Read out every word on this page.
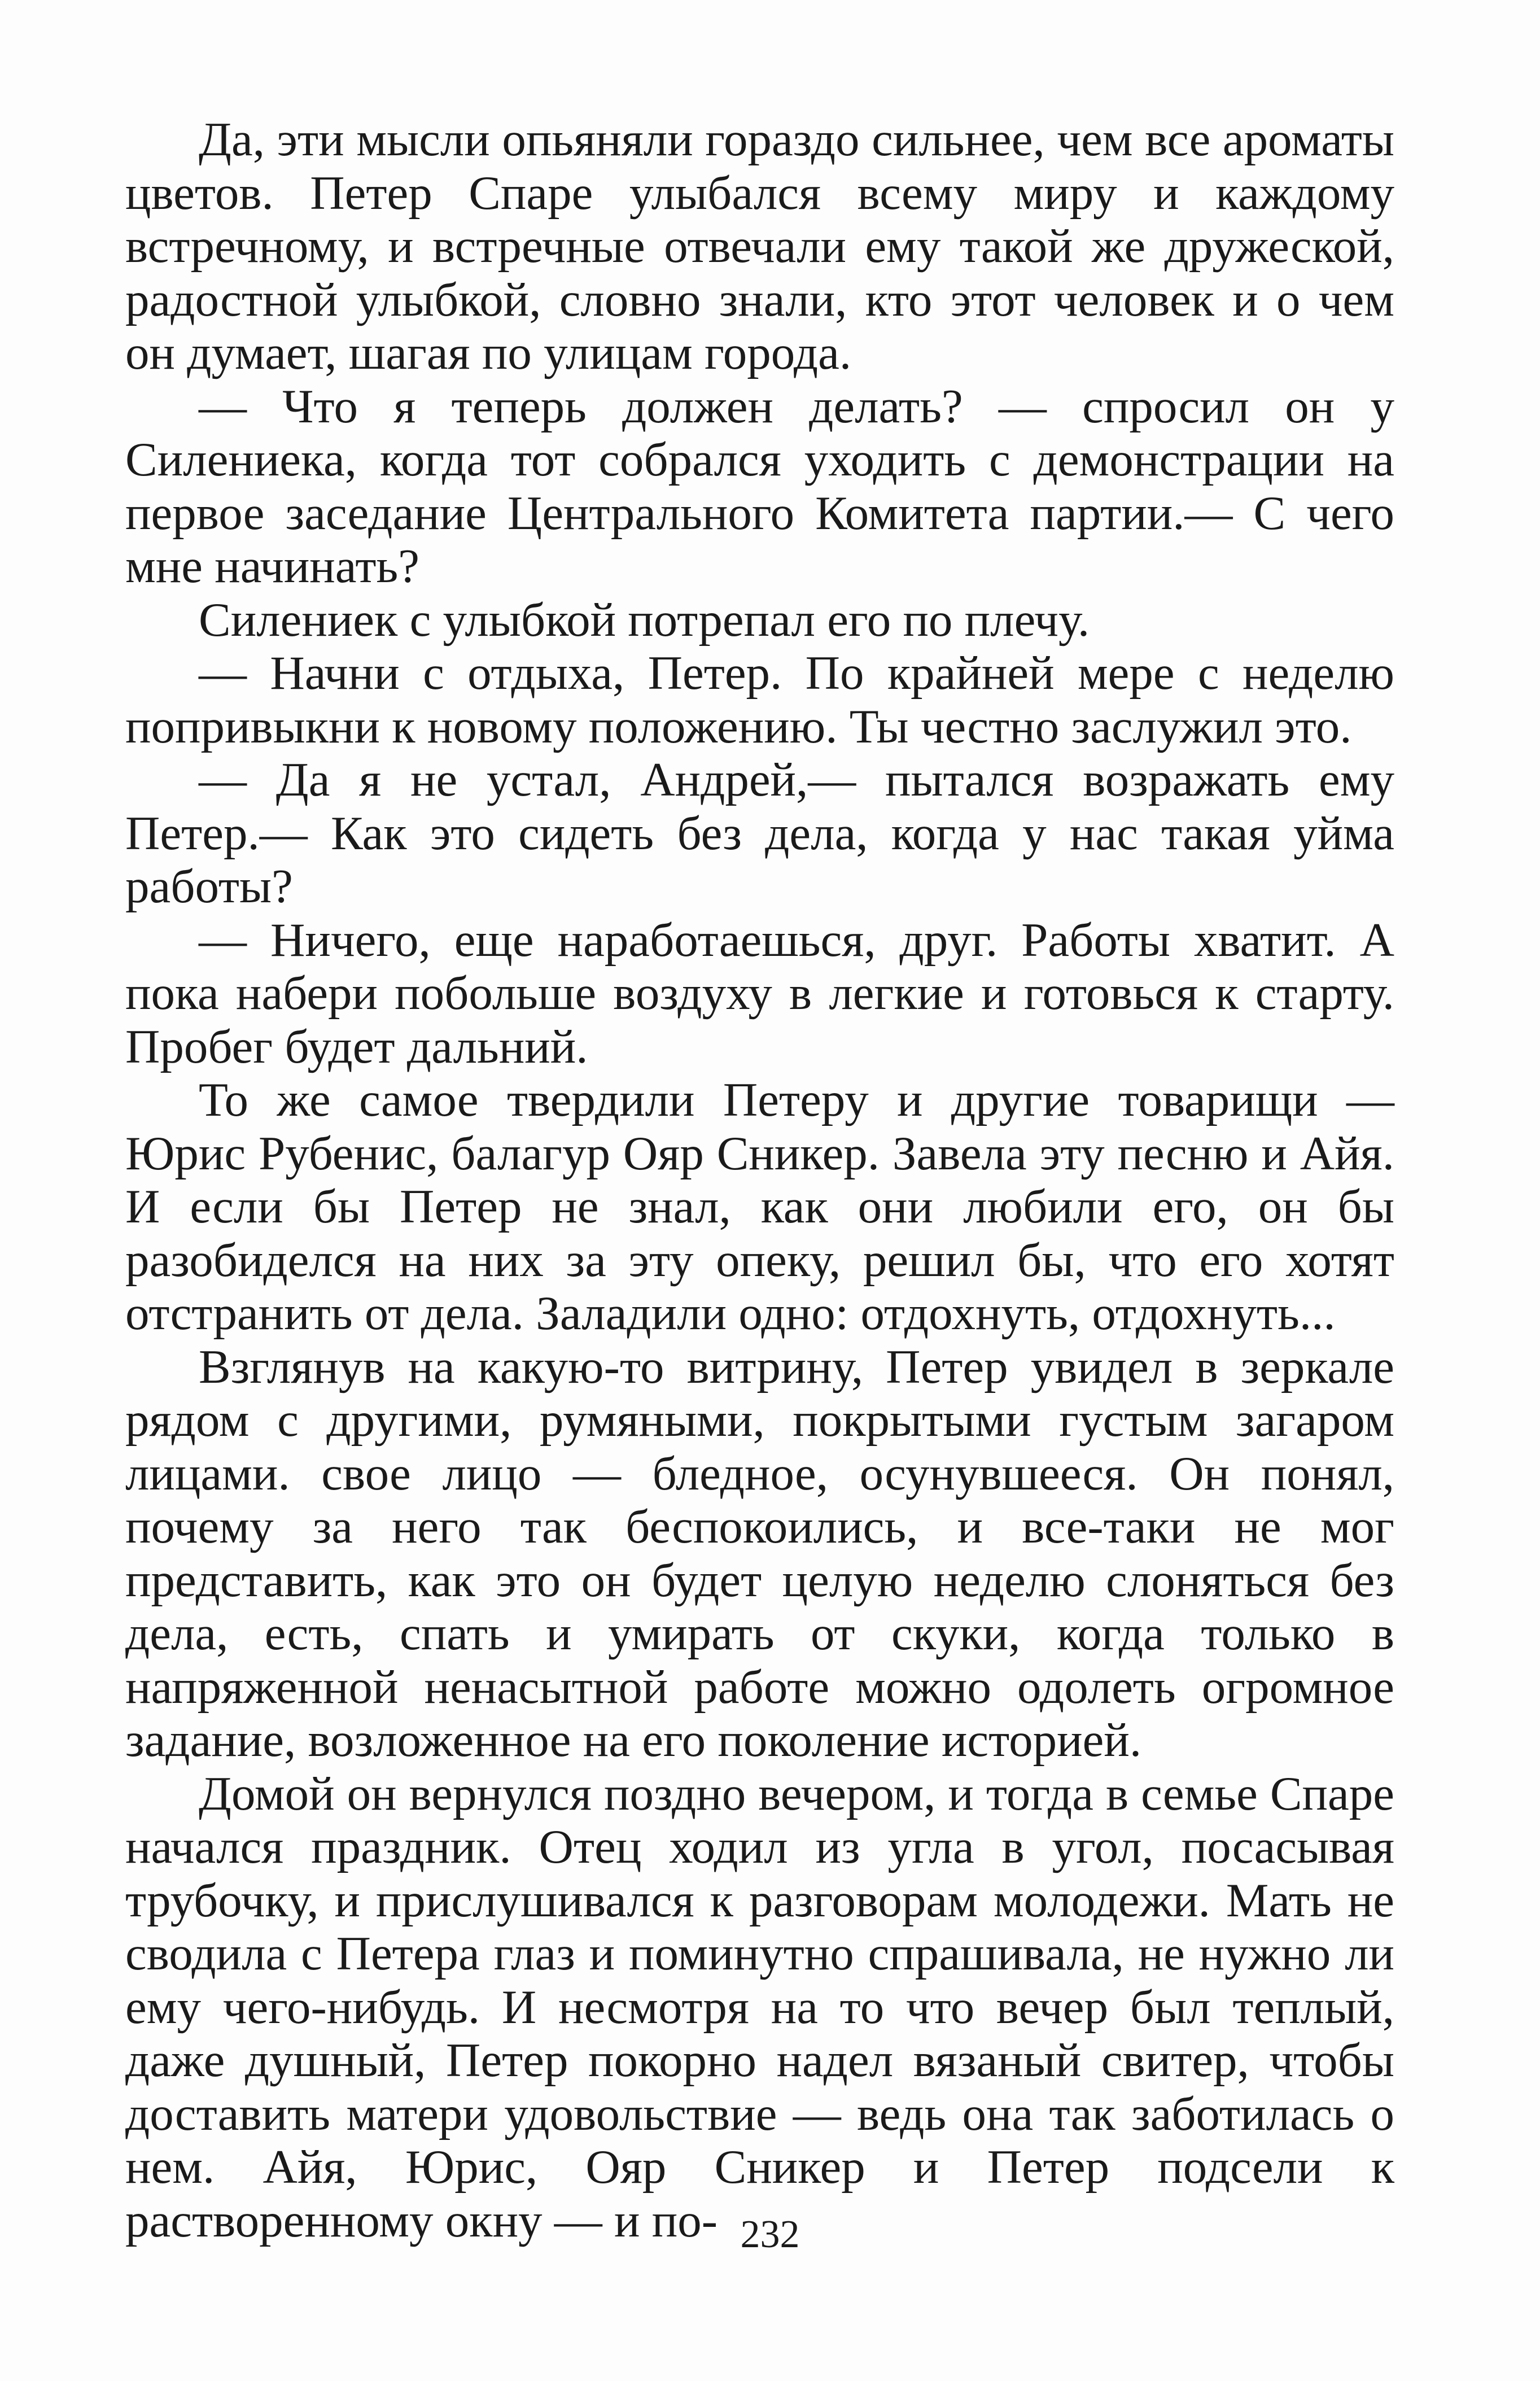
Да, эти мысли опьяняли гораздо сильнее, чем все ароматы цветов. Петер Спаре улыбался всему миру и каждому встречному, и встречные отвечали ему такой же дружеской, радостной улыбкой, словно знали, кто этот человек и о чем он думает, шагая по улицам города.

— Что я теперь должен делать? — спросил он у Силениека, когда тот собрался уходить с демонстрации на первое заседание Центрального Комитета партии.— С чего мне начинать?

Силениек с улыбкой потрепал его по плечу.

— Начни с отдыха, Петер. По крайней мере с неделю попривыкни к новому положению. Ты честно заслужил это.

— Да я не устал, Андрей,— пытался возражать ему Петер.— Как это сидеть без дела, когда у нас такая уйма работы?

— Ничего, еще наработаешься, друг. Работы хватит. А пока набери побольше воздуху в легкие и готовься к старту. Пробег будет дальний.

То же самое твердили Петеру и другие товарищи — Юрис Рубенис, балагур Ояр Сникер. Завела эту песню и Айя. И если бы Петер не знал, как они любили его, он бы разобиделся на них за эту опеку, решил бы, что его хотят отстранить от дела. Заладили одно: отдохнуть, отдохнуть...

Взглянув на какую-то витрину, Петер увидел в зеркале рядом с другими, румяными, покрытыми густым загаром лицами. свое лицо — бледное, осунувшееся. Он понял, почему за него так беспокоились, и все-таки не мог представить, как это он будет целую неделю слоняться без дела, есть, спать и умирать от скуки, когда только в напряженной ненасытной работе можно одолеть огромное задание, возложенное на его поколение историей.

Домой он вернулся поздно вечером, и тогда в семье Спаре начался праздник. Отец ходил из угла в угол, посасывая трубочку, и прислушивался к разговорам молодежи. Мать не сводила с Петера глаз и поминутно спрашивала, не нужно ли ему чего-нибудь. И несмотря на то что вечер был теплый, даже душный, Петер покорно надел вязаный свитер, чтобы доставить матери удовольствие — ведь она так заботилась о нем. Айя, Юрис, Ояр Сникер и Петер подсели к растворенному окну — и по- 232
